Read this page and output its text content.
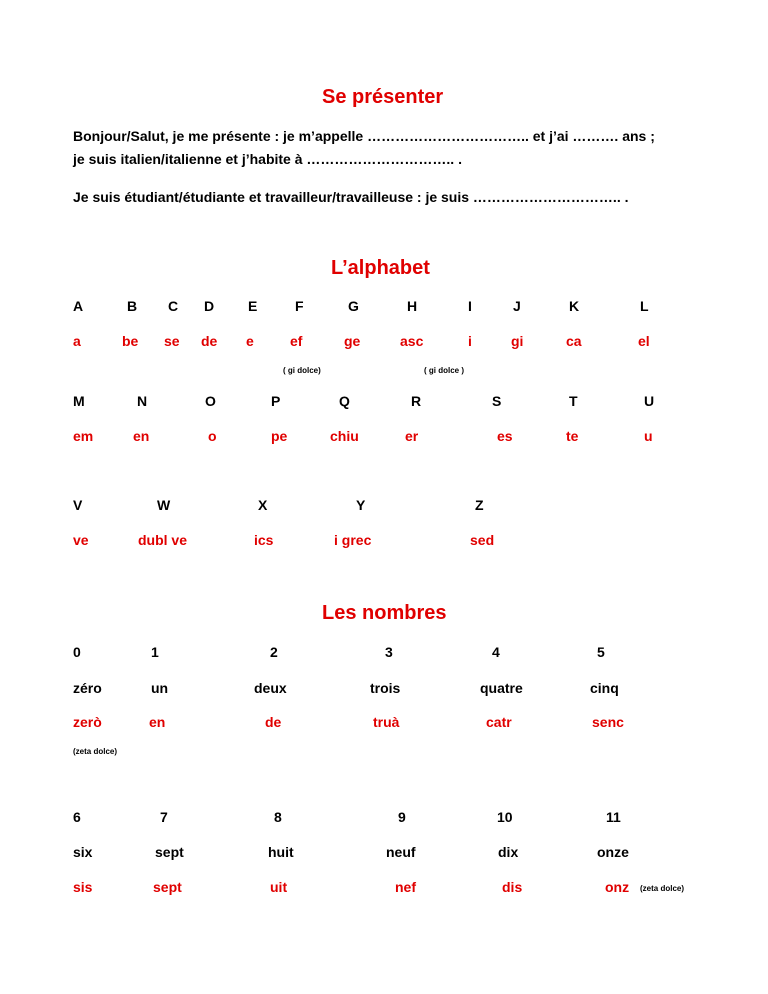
Se présenter
L’alphabet
Les nombres
Bonjour/Salut, je me présente : je m’appelle …………………………….. et j’ai ………. ans ;
je suis italien/italienne et j’habite à ………………………….. .
Je suis étudiant/étudiante et travailleur/travailleuse : je suis ………………………….. .
A	B C D E	F	G	H	I	J	K	L
a	be se de e	ef	ge	asc	i	gi	ca	el
( gi dolce)	( gi dolce )
M	N	O	P	Q	R	S	T	U
em	en	o	pe	chiu	er	es	te	u
V	W	X	Y	Z
ve	dubl ve	ics	i grec	sed
0	1	2	3	4	5
zéro	un	deux	trois	quatre	cinq
zerò	en	de	truà	catr	senc
(zeta dolce)
6	7	8	9	10	11
six	sept	huit	neuf	dix	onze
sis	sept	uit	nef	dis	onz (zeta dolce)
